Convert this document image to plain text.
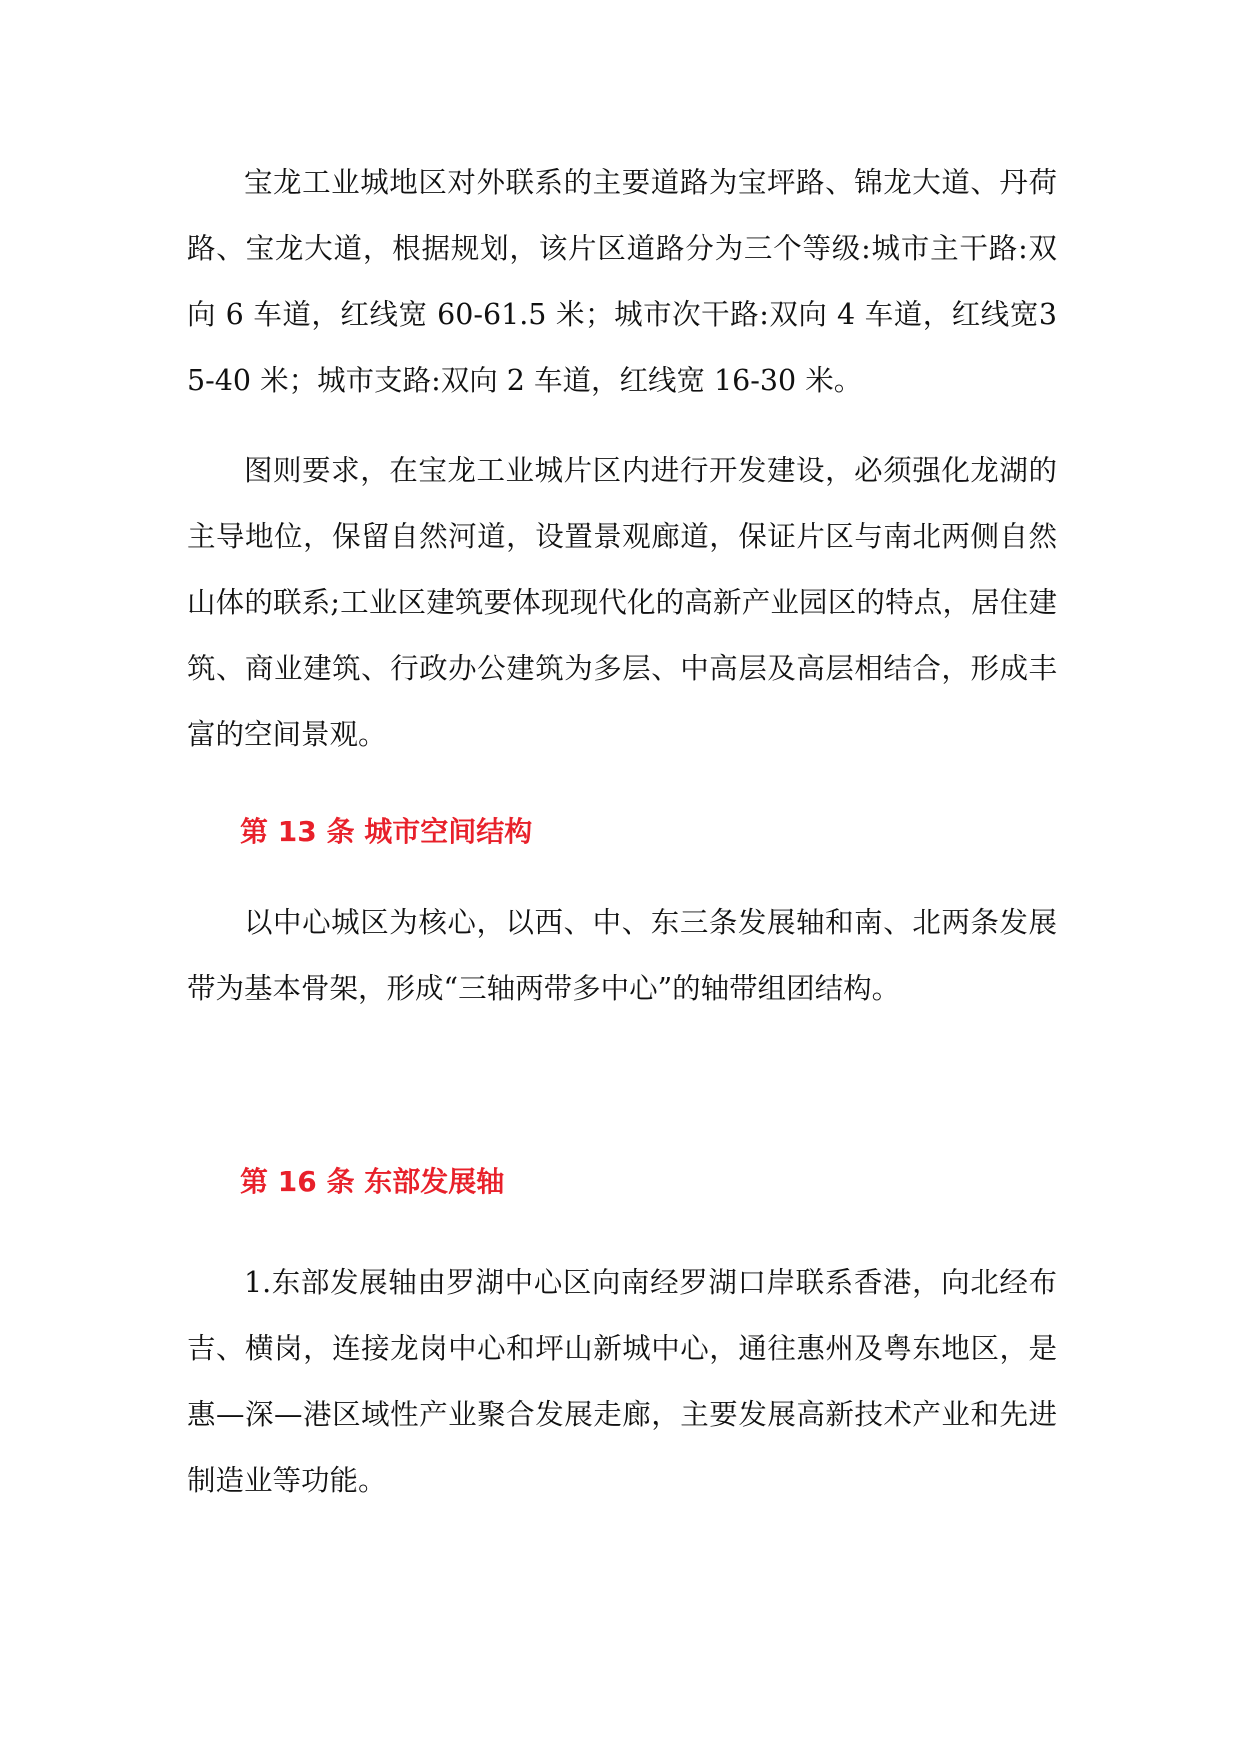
宝龙工业城地区对外联系的主要道路为宝坪路、锦龙大道、丹荷路、宝龙大道，根据规划，该片区道路分为三个等级:城市主干路:双向 6 车道，红线宽 60-61.5 米；城市次干路:双向 4 车道，红线宽35-40 米；城市支路:双向 2 车道，红线宽 16-30 米。

图则要求，在宝龙工业城片区内进行开发建设，必须强化龙湖的主导地位，保留自然河道，设置景观廊道，保证片区与南北两侧自然山体的联系;工业区建筑要体现现代化的高新产业园区的特点，居住建筑、商业建筑、行政办公建筑为多层、中高层及高层相结合，形成丰富的空间景观。

第 13 条 城市空间结构

以中心城区为核心，以西、中、东三条发展轴和南、北两条发展带为基本骨架，形成“三轴两带多中心”的轴带组团结构。

第 16 条 东部发展轴

1.东部发展轴由罗湖中心区向南经罗湖口岸联系香港，向北经布吉、横岗，连接龙岗中心和坪山新城中心，通往惠州及粤东地区，是惠—深—港区域性产业聚合发展走廊，主要发展高新技术产业和先进制造业等功能。
